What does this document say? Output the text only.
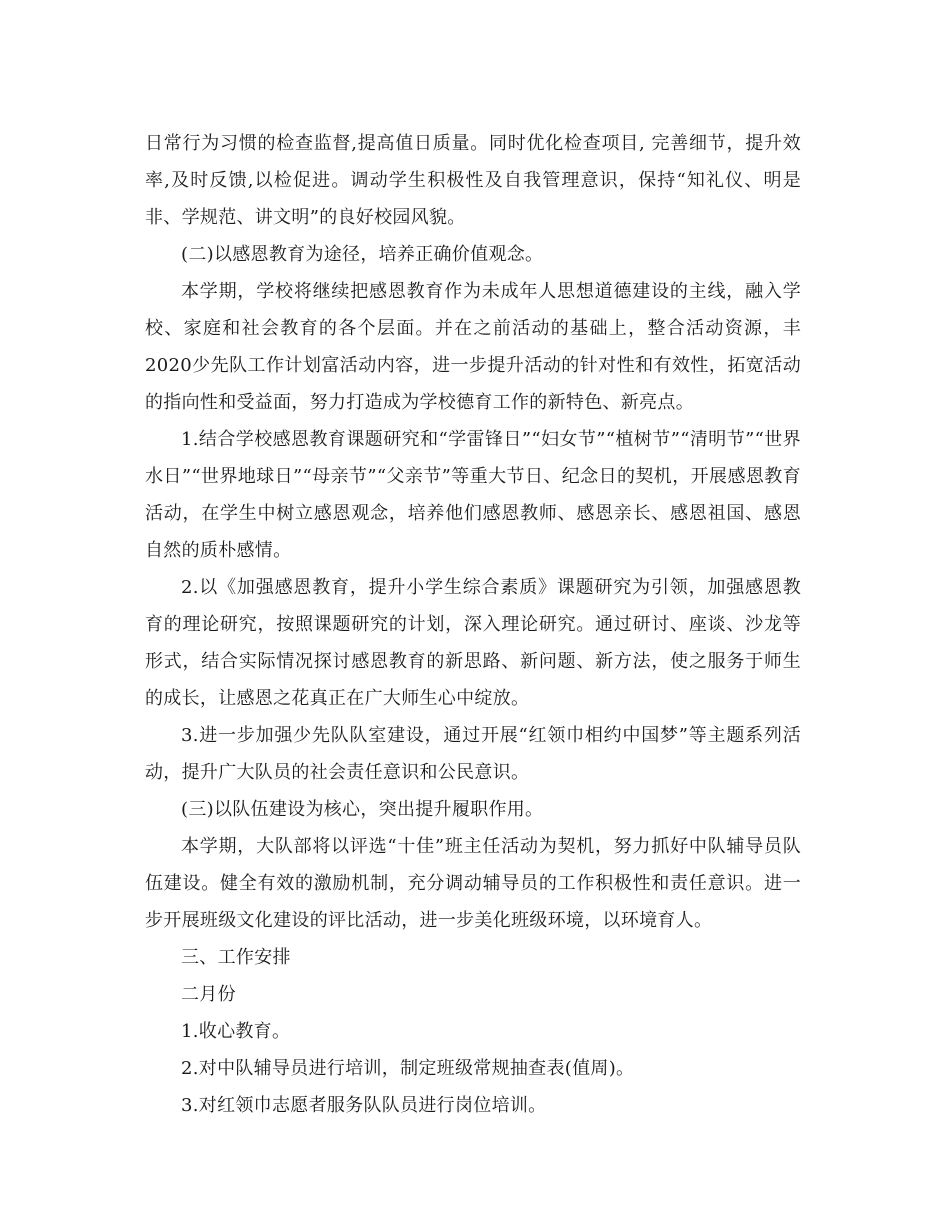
日常行为习惯的检查监督,提高值日质量。同时优化检查项目, 完善细节，提升效率,及时反馈,以检促进。调动学生积极性及自我管理意识，保持“知礼仪、明是非、学规范、讲文明”的良好校园风貌。

(二)以感恩教育为途径，培养正确价值观念。

本学期，学校将继续把感恩教育作为未成年人思想道德建设的主线，融入学校、家庭和社会教育的各个层面。并在之前活动的基础上，整合活动资源，丰2020少先队工作计划富活动内容，进一步提升活动的针对性和有效性，拓宽活动的指向性和受益面，努力打造成为学校德育工作的新特色、新亮点。

1.结合学校感恩教育课题研究和“学雷锋日”“妇女节”“植树节”“清明节”“世界水日”“世界地球日”“母亲节”“父亲节”等重大节日、纪念日的契机，开展感恩教育活动，在学生中树立感恩观念，培养他们感恩教师、感恩亲长、感恩祖国、感恩自然的质朴感情。

2.以《加强感恩教育，提升小学生综合素质》课题研究为引领，加强感恩教育的理论研究，按照课题研究的计划，深入理论研究。通过研讨、座谈、沙龙等形式，结合实际情况探讨感恩教育的新思路、新问题、新方法，使之服务于师生的成长，让感恩之花真正在广大师生心中绽放。

3.进一步加强少先队队室建设，通过开展“红领巾相约中国梦”等主题系列活动，提升广大队员的社会责任意识和公民意识。

(三)以队伍建设为核心，突出提升履职作用。

本学期，大队部将以评选“十佳”班主任活动为契机，努力抓好中队辅导员队伍建设。健全有效的激励机制，充分调动辅导员的工作积极性和责任意识。进一步开展班级文化建设的评比活动，进一步美化班级环境，以环境育人。

三、工作安排

二月份

1.收心教育。

2.对中队辅导员进行培训，制定班级常规抽查表(值周)。

3.对红领巾志愿者服务队队员进行岗位培训。
